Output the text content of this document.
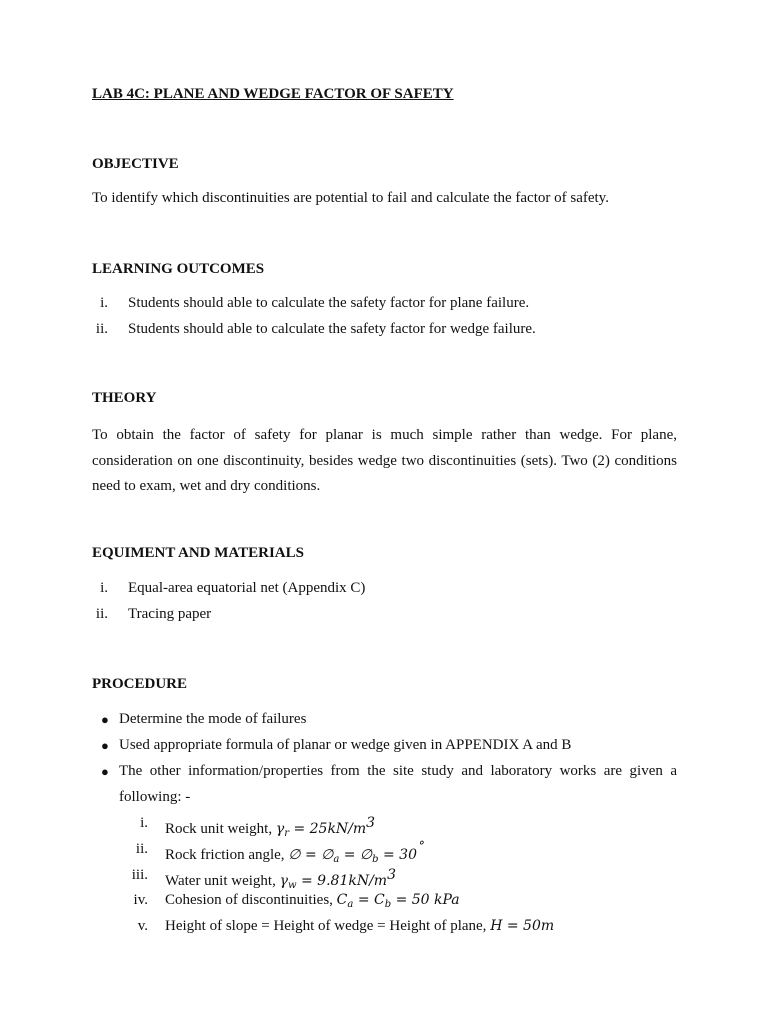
LAB 4C: PLANE AND WEDGE FACTOR OF SAFETY
OBJECTIVE
To identify which discontinuities are potential to fail and calculate the factor of safety.
LEARNING OUTCOMES
i. Students should able to calculate the safety factor for plane failure.
ii. Students should able to calculate the safety factor for wedge failure.
THEORY
To obtain the factor of safety for planar is much simple rather than wedge. For plane, consideration on one discontinuity, besides wedge two discontinuities (sets). Two (2) conditions need to exam, wet and dry conditions.
EQUIMENT AND MATERIALS
i. Equal-area equatorial net (Appendix C)
ii. Tracing paper
PROCEDURE
● Determine the mode of failures
● Used appropriate formula of planar or wedge given in APPENDIX A and B
● The other information/properties from the site study and laboratory works are given a following: -
i. Rock unit weight, $\gamma_r = 25kN/m^3$
ii. Rock friction angle, ∅ = $\emptyset_a$ = $\emptyset_b = 30^˚$
iii. Water unit weight, $\gamma_w = 9.81kN/m^3$
iv. Cohesion of discontinuities, $C_a = C_b = 50$ kPa
v. Height of slope = Height of wedge = Height of plane, H = 50m
